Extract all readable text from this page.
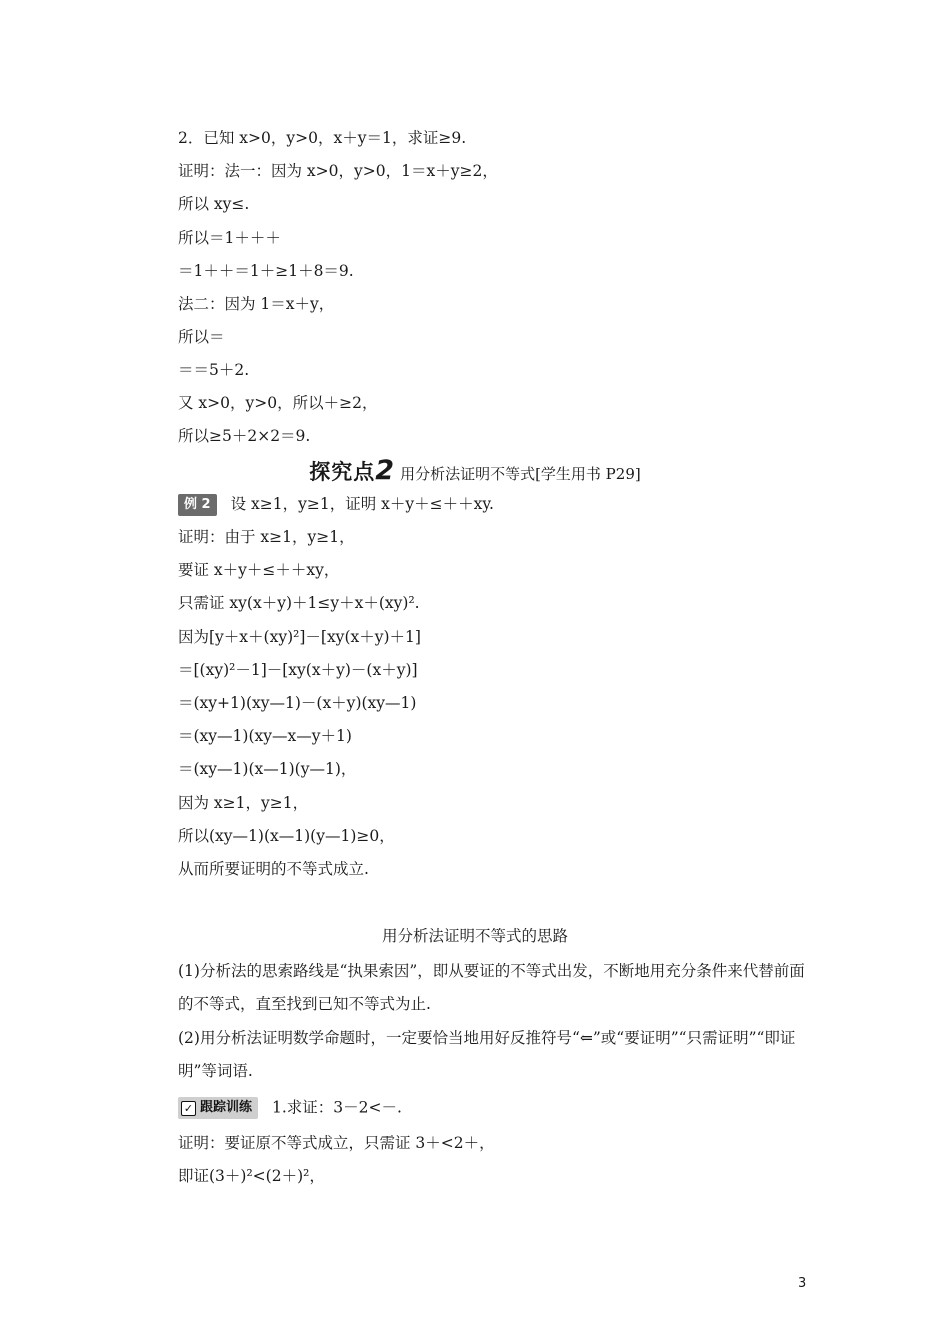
2．已知 x>0，y>0，x＋y＝1，求证≥9.
证明：法一：因为 x>0，y>0，1＝x＋y≥2，
所以 xy≤.
所以＝1＋＋＋
＝1＋＋＝1＋≥1＋8＝9.
法二：因为 1＝x＋y，
所以＝
＝＝5＋2.
又 x>0，y>0，所以＋≥2，
所以≥5＋2×2＝9.
探究点2 用分析法证明不等式[学生用书 P29]
例 2 设 x≥1，y≥1，证明 x＋y＋≤＋＋xy.
证明：由于 x≥1，y≥1，
要证 x＋y＋≤＋＋xy，
只需证 xy(x＋y)＋1≤y＋x＋(xy)².
因为[y＋x＋(xy)²]－[xy(x＋y)＋1]
＝[(xy)²－1]－[xy(x＋y)－(x＋y)]
＝(xy+1)(xy—1)－(x＋y)(xy—1)
＝(xy—1)(xy—x—y＋1)
＝(xy—1)(x—1)(y—1)，
因为 x≥1，y≥1，
所以(xy—1)(x—1)(y—1)≥0，
从而所要证明的不等式成立.
用分析法证明不等式的思路
(1)分析法的思索路线是“执果索因”，即从要证的不等式出发，不断地用充分条件来代替前面的不等式，直至找到已知不等式为止.
(2)用分析法证明数学命题时，一定要恰当地用好反推符号“⇐”或“要证明”“只需证明”“即证明”等词语.
✓ 跟踪训练 1.求证：3－2<－.
证明：要证原不等式成立，只需证 3＋<2＋，
即证(3＋)²<(2＋)²，
3
